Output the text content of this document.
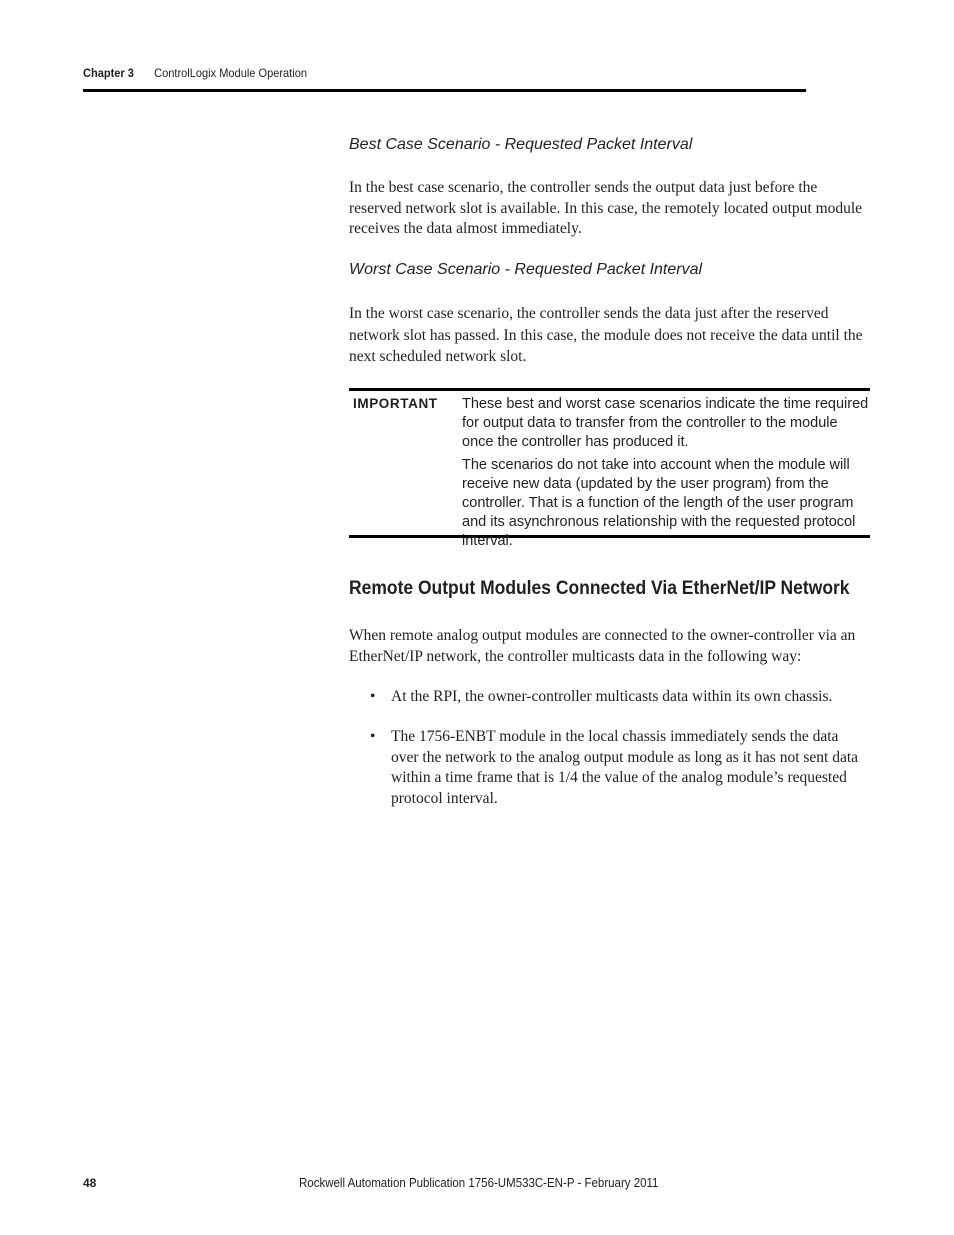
Chapter 3 ControlLogix Module Operation
Best Case Scenario - Requested Packet Interval
In the best case scenario, the controller sends the output data just before the reserved network slot is available. In this case, the remotely located output module receives the data almost immediately.
Worst Case Scenario - Requested Packet Interval
In the worst case scenario, the controller sends the data just after the reserved network slot has passed. In this case, the module does not receive the data until the next scheduled network slot.
IMPORTANT These best and worst case scenarios indicate the time required for output data to transfer from the controller to the module once the controller has produced it.

The scenarios do not take into account when the module will receive new data (updated by the user program) from the controller. That is a function of the length of the user program and its asynchronous relationship with the requested protocol interval.

Remote Output Modules Connected Via EtherNet/IP Network
When remote analog output modules are connected to the owner-controller via an EtherNet/IP network, the controller multicasts data in the following way:
• At the RPI, the owner-controller multicasts data within its own chassis.
• The 1756-ENBT module in the local chassis immediately sends the data over the network to the analog output module as long as it has not sent data within a time frame that is 1/4 the value of the analog module’s requested protocol interval.
48	Rockwell Automation Publication 1756-UM533C-EN-P - February 2011
